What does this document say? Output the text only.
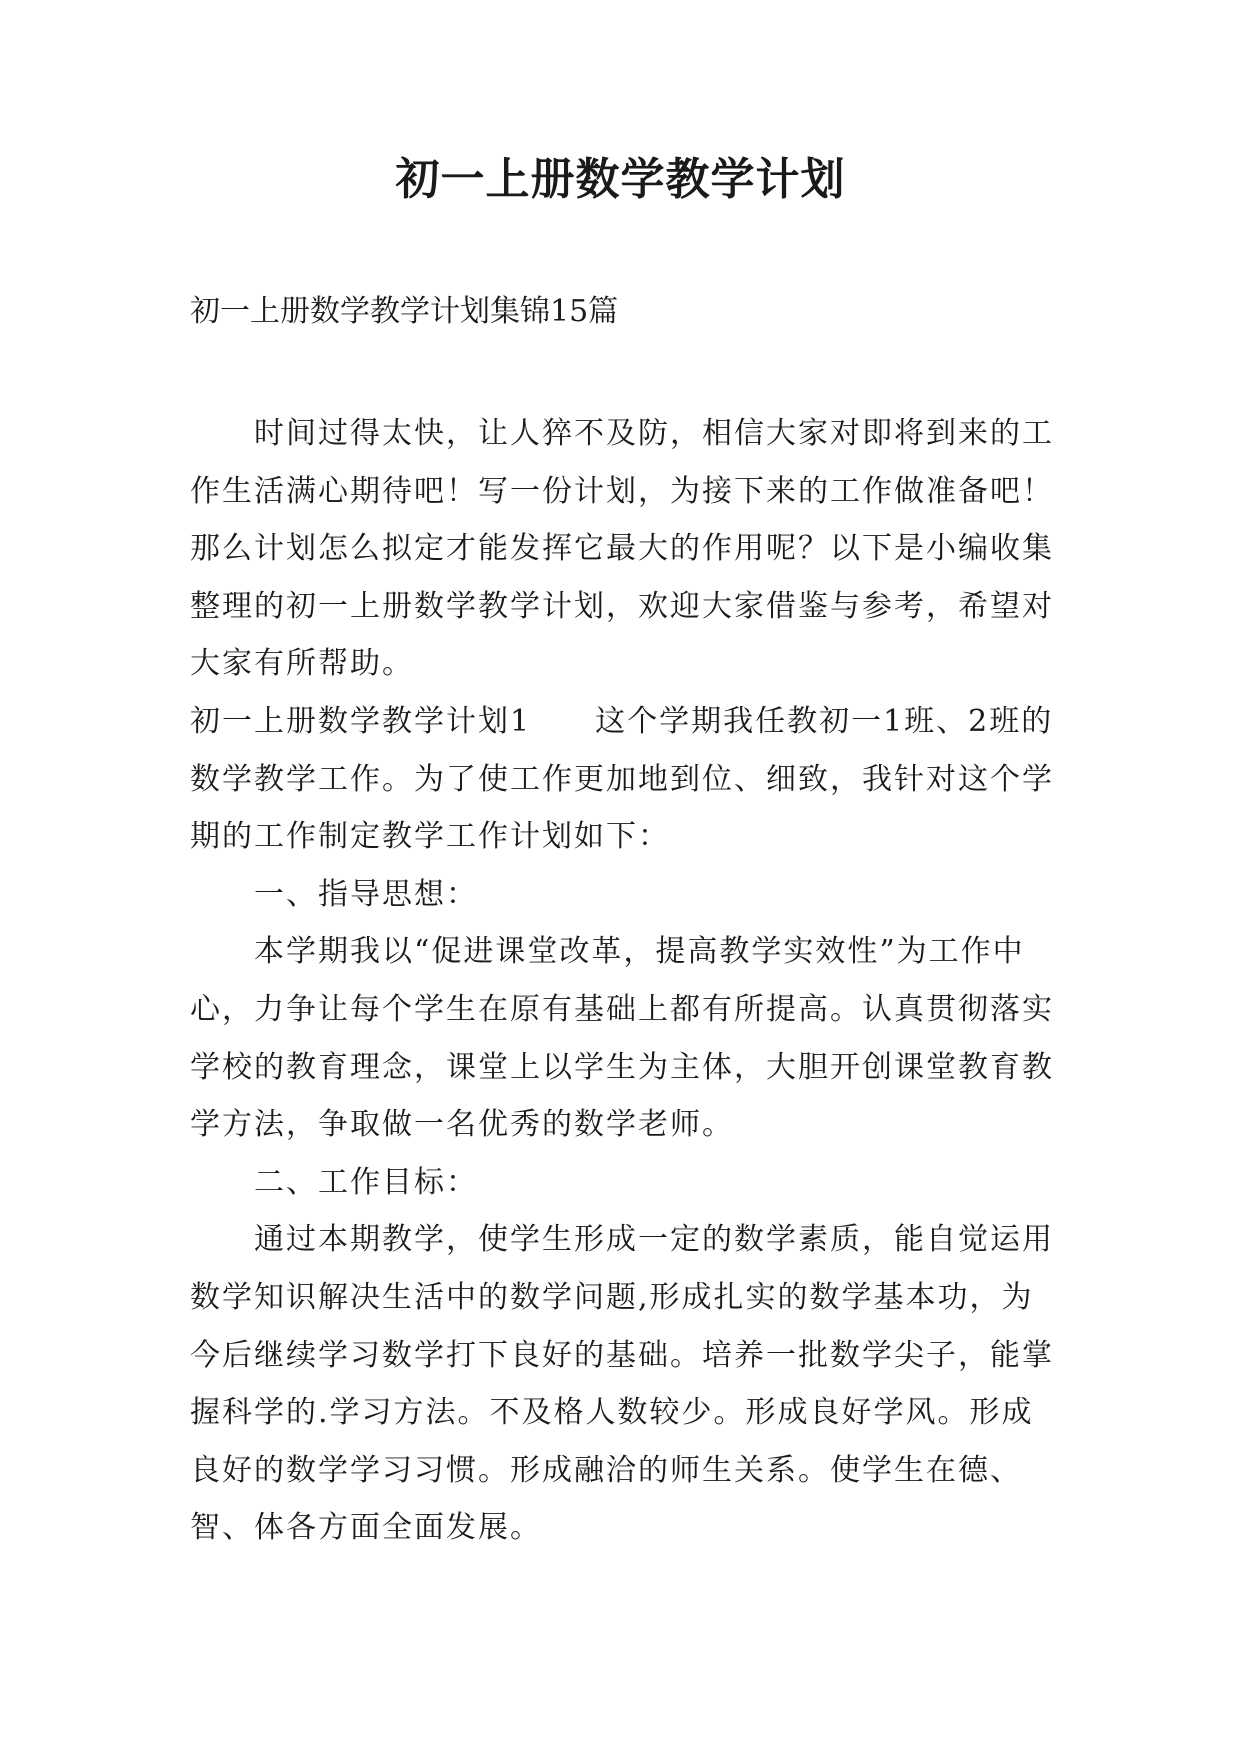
初一上册数学教学计划
初一上册数学教学计划集锦15篇

时间过得太快，让人猝不及防，相信大家对即将到来的工作生活满心期待吧！写一份计划，为接下来的工作做准备吧！那么计划怎么拟定才能发挥它最大的作用呢？以下是小编收集整理的初一上册数学教学计划，欢迎大家借鉴与参考，希望对大家有所帮助。

初一上册数学教学计划1　　这个学期我任教初一1班、2班的数学教学工作。为了使工作更加地到位、细致，我针对这个学期的工作制定教学工作计划如下：

一、指导思想：

本学期我以“促进课堂改革，提高教学实效性”为工作中心，力争让每个学生在原有基础上都有所提高。认真贯彻落实学校的教育理念，课堂上以学生为主体，大胆开创课堂教育教学方法，争取做一名优秀的数学老师。

二、工作目标：

通过本期教学，使学生形成一定的数学素质，能自觉运用数学知识解决生活中的数学问题,形成扎实的数学基本功，为今后继续学习数学打下良好的基础。培养一批数学尖子，能掌握科学的.学习方法。不及格人数较少。形成良好学风。形成良好的数学学习习惯。形成融洽的师生关系。使学生在德、智、体各方面全面发展。
